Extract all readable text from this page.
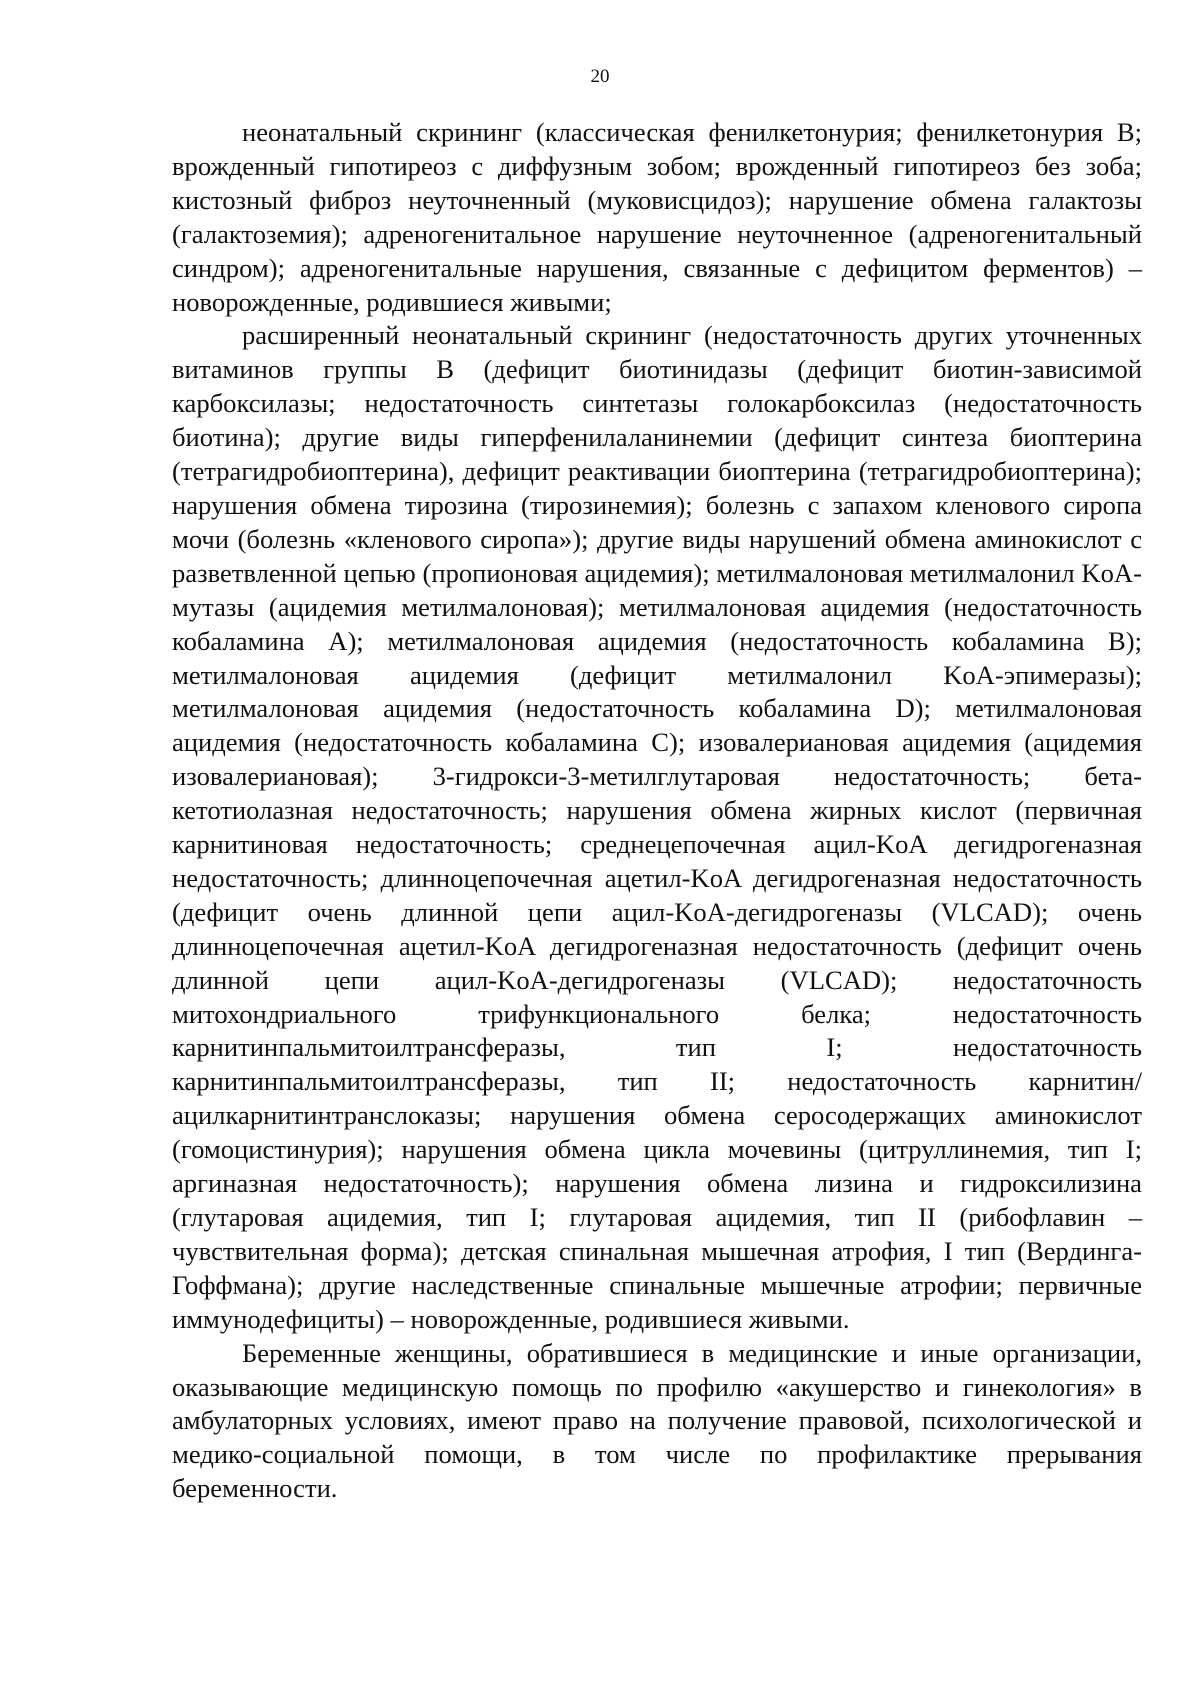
20

неонатальный скрининг (классическая фенилкетонурия; фенилкетонурия B; врожденный гипотиреоз с диффузным зобом; врожденный гипотиреоз без зоба; кистозный фиброз неуточненный (муковисцидоз); нарушение обмена галактозы (галактоземия); адреногенитальное нарушение неуточненное (адреногенитальный синдром); адреногенитальные нарушения, связанные с дефицитом ферментов) – новорожденные, родившиеся живыми;

расширенный неонатальный скрининг (недостаточность других уточненных витаминов группы B (дефицит биотинидазы (дефицит биотин-зависимой карбоксилазы; недостаточность синтетазы голокарбоксилаз (недостаточность биотина); другие виды гиперфенилаланинемии (дефицит синтеза биоптерина (тетрагидробиоптерина), дефицит реактивации биоптерина (тетрагидробиоптерина); нарушения обмена тирозина (тирозинемия); болезнь с запахом кленового сиропа мочи (болезнь «кленового сиропа»); другие виды нарушений обмена аминокислот с разветвленной цепью (пропионовая ацидемия); метилмалоновая метилмалонил KoA-мутазы (ацидемия метилмалоновая); метилмалоновая ацидемия (недостаточность кобаламина A); метилмалоновая ацидемия (недостаточность кобаламина B); метилмалоновая ацидемия (дефицит метилмалонил KoA-эпимеразы); метилмалоновая ацидемия (недостаточность кобаламина D); метилмалоновая ацидемия (недостаточность кобаламина C); изовалериановая ацидемия (ацидемия изовалериановая); 3-гидрокси-3-метилглутаровая недостаточность; бета-кетотиолазная недостаточность; нарушения обмена жирных кислот (первичная карнитиновая недостаточность; среднецепочечная ацил-KoA дегидрогеназная недостаточность; длинноцепочечная ацетил-KoA дегидрогеназная недостаточность (дефицит очень длинной цепи ацил-KoA-дегидрогеназы (VLCAD); очень длинноцепочечная ацетил-KoA дегидрогеназная недостаточность (дефицит очень длинной цепи ацил-KoA-дегидрогеназы (VLCAD); недостаточность митохондриального трифункционального белка; недостаточность карнитинпальмитоилтрансферазы, тип I; недостаточность карнитинпальмитоилтрансферазы, тип II; недостаточность карнитин/ацилкарнитинтранслоказы; нарушения обмена серосодержащих аминокислот (гомоцистинурия); нарушения обмена цикла мочевины (цитруллинемия, тип I; аргиназная недостаточность); нарушения обмена лизина и гидроксилизина (глутаровая ацидемия, тип I; глутаровая ацидемия, тип II (рибофлавин – чувствительная форма); детская спинальная мышечная атрофия, I тип (Вердинга-Гоффмана); другие наследственные спинальные мышечные атрофии; первичные иммунодефициты) – новорожденные, родившиеся живыми.

Беременные женщины, обратившиеся в медицинские и иные организации, оказывающие медицинскую помощь по профилю «акушерство и гинекология» в амбулаторных условиях, имеют право на получение правовой, психологической и медико-социальной помощи, в том числе по профилактике прерывания беременности.
